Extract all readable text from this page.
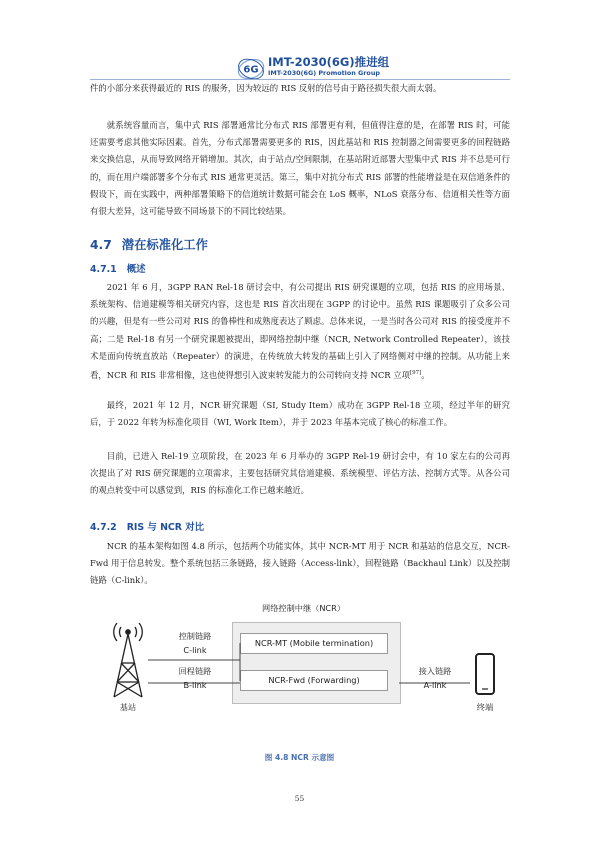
6G
IMT-2030(6G)推进组
IMT-2030(6G) Promotion Group
件的小部分来获得最近的 RIS 的服务，因为较远的 RIS 反射的信号由于路径损失很大而太弱。
就系统容量而言，集中式 RIS 部署通常比分布式 RIS 部署更有利，但值得注意的是，在部署 RIS 时，可能还需要考虑其他实际因素。首先，分布式部署需要更多的 RIS，因此基站和 RIS 控制器之间需要更多的回程链路来交换信息，从而导致网络开销增加。其次，由于站点/空间限制，在基站附近部署大型集中式 RIS 并不总是可行的，而在用户端部署多个分布式 RIS 通常更灵活。第三，集中对抗分布式 RIS 部署的性能增益是在双信道条件的假设下，而在实践中，两种部署策略下的信道统计数据可能会在 LoS 概率，NLoS 衰落分布、信道相关性等方面有很大差异，这可能导致不同场景下的不同比较结果。
4.7 潜在标准化工作
4.7.1 概述
2021 年 6 月，3GPP RAN Rel-18 研讨会中，有公司提出 RIS 研究课题的立项，包括 RIS 的应用场景、系统架构、信道建模等相关研究内容，这也是 RIS 首次出现在 3GPP 的讨论中。虽然 RIS 课题吸引了众多公司的兴趣，但是有一些公司对 RIS 的鲁棒性和成熟度表达了顾虑。总体来说，一是当时各公司对 RIS 的接受度并不高；二是 Rel-18 有另一个研究课题被提出，即网络控制中继（NCR, Network Controlled Repeater），该技术是面向传统直放站（Repeater）的演进，在传统放大转发的基础上引入了网络侧对中继的控制。从功能上来看，NCR 和 RIS 非常相像，这也使得想引入波束转发能力的公司转向支持 NCR 立项[97]。
最终，2021 年 12 月，NCR 研究课题（SI, Study Item）成功在 3GPP Rel-18 立项，经过半年的研究后，于 2022 年转为标准化项目（WI, Work Item），并于 2023 年基本完成了核心的标准工作。
目前，已进入 Rel-19 立项阶段，在 2023 年 6 月举办的 3GPP Rel-19 研讨会中，有 10 家左右的公司再次提出了对 RIS 研究课题的立项需求，主要包括研究其信道建模、系统模型、评估方法、控制方式等。从各公司的观点转变中可以感觉到，RIS 的标准化工作已越来越近。
4.7.2 RIS 与 NCR 对比
NCR 的基本架构如图 4.8 所示，包括两个功能实体，其中 NCR-MT 用于 NCR 和基站的信息交互，NCR-Fwd 用于信息转发。整个系统包括三条链路，接入链路（Access-link），回程链路（Backhaul Link）以及控制链路（C-link）。
网络控制中继（NCR）
NCR-MT (Mobile termination)
NCR-Fwd (Forwarding)
控制链路
C-link
回程链路
B-link
接入链路
A-link
基站	终端
图 4.8 NCR 示意图
55
